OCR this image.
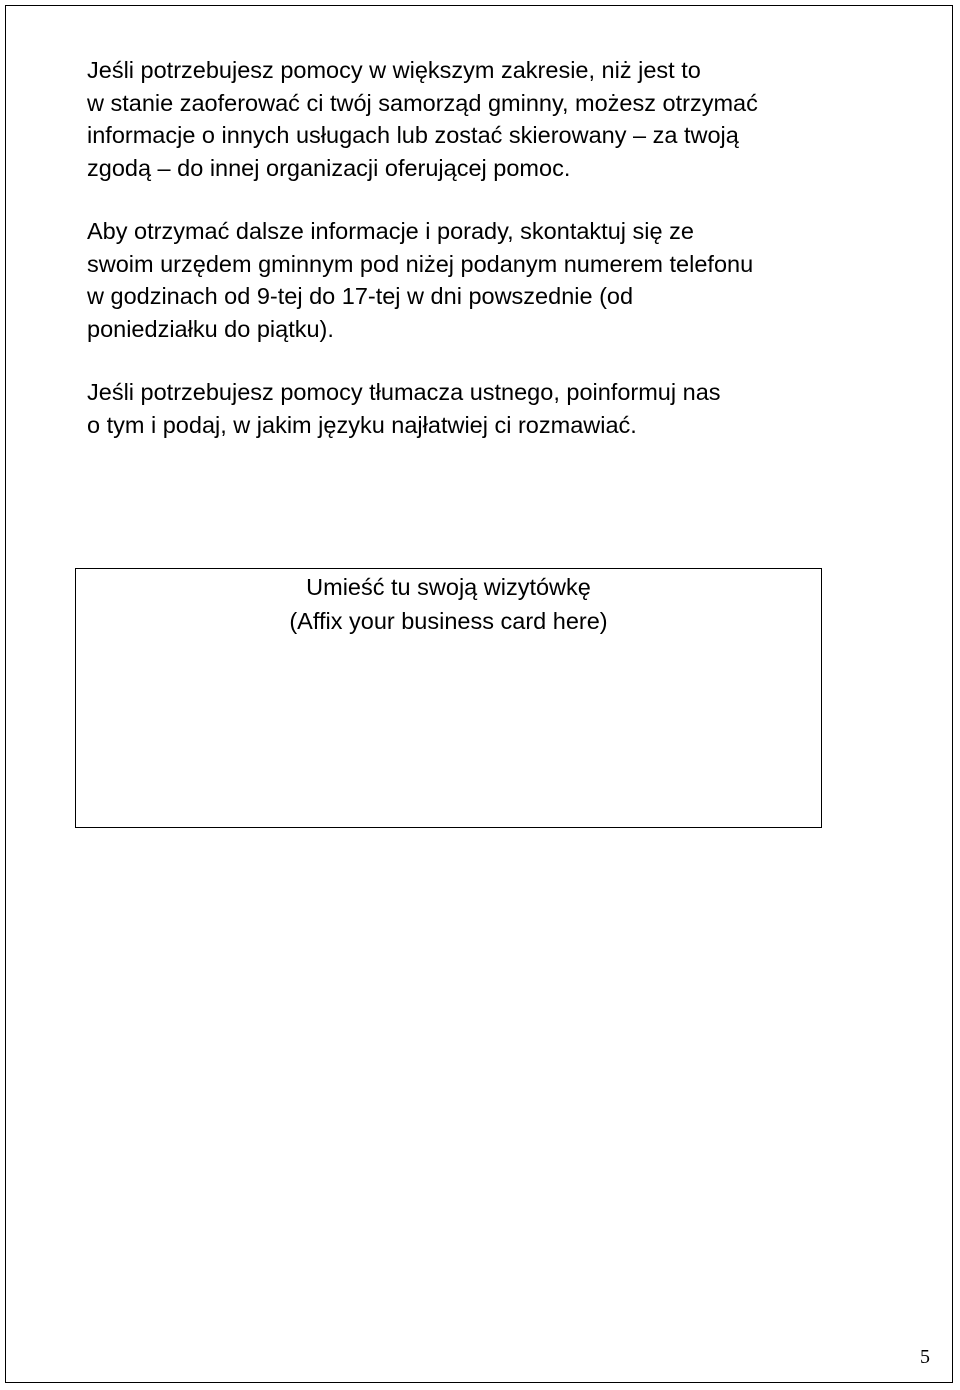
Jeśli potrzebujesz pomocy w większym zakresie, niż jest to
w stanie zaoferować ci twój samorząd gminny, możesz otrzymać
informacje o innych usługach lub zostać skierowany – za twoją
zgodą – do innej organizacji oferującej pomoc.
Aby otrzymać dalsze informacje i porady, skontaktuj się ze
swoim urzędem gminnym pod niżej podanym numerem telefonu
w godzinach od 9-tej do 17-tej w dni powszednie (od
poniedziałku do piątku).
Jeśli potrzebujesz pomocy tłumacza ustnego, poinformuj nas
o tym i podaj, w jakim języku najłatwiej ci rozmawiać.
Umieść tu swoją wizytówkę
(Affix your business card here)
5
